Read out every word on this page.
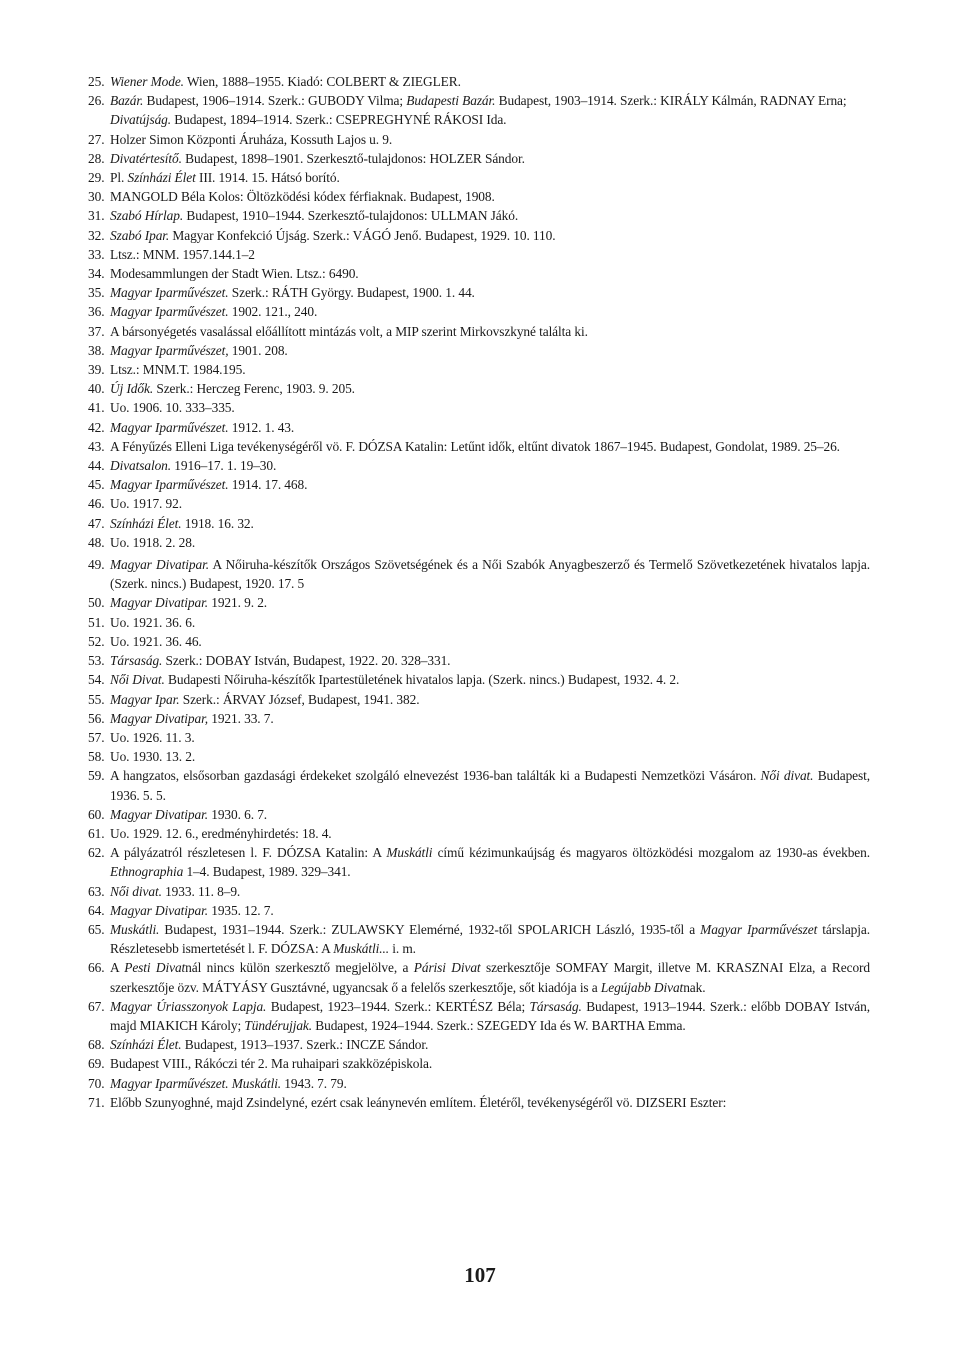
25. Wiener Mode. Wien, 1888–1955. Kiadó: COLBERT & ZIEGLER.
26. Bazár. Budapest, 1906–1914. Szerk.: GUBODY Vilma; Budapesti Bazár. Budapest, 1903–1914. Szerk.: KIRÁLY Kálmán, RADNAY Erna; Divatújság. Budapest, 1894–1914. Szerk.: CSEPREGHYNÉ RÁKOSI Ida.
27. Holzer Simon Központi Áruháza, Kossuth Lajos u. 9.
28. Divatértesítő. Budapest, 1898–1901. Szerkesztő-tulajdonos: HOLZER Sándor.
29. Pl. Színházi Élet III. 1914. 15. Hátsó borító.
30. MANGOLD Béla Kolos: Öltözködési kódex férfiaknak. Budapest, 1908.
31. Szabó Hírlap. Budapest, 1910–1944. Szerkesztő-tulajdonos: ULLMAN Jákó.
32. Szabó Ipar. Magyar Konfekció Újság. Szerk.: VÁGÓ Jenő. Budapest, 1929. 10. 110.
33. Ltsz.: MNM. 1957.144.1–2
34. Modesammlungen der Stadt Wien. Ltsz.: 6490.
35. Magyar Iparművészet. Szerk.: RÁTH György. Budapest, 1900. 1. 44.
36. Magyar Iparművészet. 1902. 121., 240.
37. A bársonyégetés vasalással előállított mintázás volt, a MIP szerint Mirkovszkyné találta ki.
38. Magyar Iparművészet, 1901. 208.
39. Ltsz.: MNM.T. 1984.195.
40. Új Idők. Szerk.: Herczeg Ferenc, 1903. 9. 205.
41. Uo. 1906. 10. 333–335.
42. Magyar Iparművészet. 1912. 1. 43.
43. A Fényűzés Elleni Liga tevékenységéről vö. F. DÓZSA Katalin: Letűnt idők, eltűnt divatok 1867–1945. Budapest, Gondolat, 1989. 25–26.
44. Divatsalon. 1916–17. 1. 19–30.
45. Magyar Iparművészet. 1914. 17. 468.
46. Uo. 1917. 92.
47. Színházi Élet. 1918. 16. 32.
48. Uo. 1918. 2. 28.
49. Magyar Divatipar. A Nőiruha-készítők Országos Szövetségének és a Női Szabók Anyagbeszerző és Termelő Szövetkezetének hivatalos lapja. (Szerk. nincs.) Budapest, 1920. 17. 5
50. Magyar Divatipar. 1921. 9. 2.
51. Uo. 1921. 36. 6.
52. Uo. 1921. 36. 46.
53. Társaság. Szerk.: DOBAY István, Budapest, 1922. 20. 328–331.
54. Női Divat. Budapesti Nőiruha-készítők Ipartestületének hivatalos lapja. (Szerk. nincs.) Budapest, 1932. 4. 2.
55. Magyar Ipar. Szerk.: ÁRVAY József, Budapest, 1941. 382.
56. Magyar Divatipar, 1921. 33. 7.
57. Uo. 1926. 11. 3.
58. Uo. 1930. 13. 2.
59. A hangzatos, elsősorban gazdasági érdekeket szolgáló elnevezést 1936-ban találták ki a Budapesti Nemzetközi Vásáron. Női divat. Budapest, 1936. 5. 5.
60. Magyar Divatipar. 1930. 6. 7.
61. Uo. 1929. 12. 6., eredményhirdetés: 18. 4.
62. A pályázatról részletesen l. F. DÓZSA Katalin: A Muskátli című kézimunkaújság és magyaros öltözködési mozgalom az 1930-as években. Ethnographia 1–4. Budapest, 1989. 329–341.
63. Női divat. 1933. 11. 8–9.
64. Magyar Divatipar. 1935. 12. 7.
65. Muskátli. Budapest, 1931–1944. Szerk.: ZULAWSKY Elemérné, 1932-től SPOLARICH László, 1935-től a Magyar Iparművészet társlapja. Részletesebb ismertetését l. F. DÓZSA: A Muskátli... i. m.
66. A Pesti Divatnál nincs külön szerkesztő megjelölve, a Párisi Divat szerkesztője SOMFAY Margit, illetve M. KRASZNAI Elza, a Record szerkesztője özv. MÁTYÁSY Gusztávné, ugyancsak ő a felelős szerkesztője, sőt kiadója is a Legújabb Divatnak.
67. Magyar Úriasszonyok Lapja. Budapest, 1923–1944. Szerk.: KERTÉSZ Béla; Társaság. Budapest, 1913–1944. Szerk.: előbb DOBAY István, majd MIAKICH Károly; Tündérujjak. Budapest, 1924–1944. Szerk.: SZEGEDY Ida és W. BARTHA Emma.
68. Színházi Élet. Budapest, 1913–1937. Szerk.: INCZE Sándor.
69. Budapest VIII., Rákóczi tér 2. Ma ruhaipari szakközépiskola.
70. Magyar Iparművészet. Muskátli. 1943. 7. 79.
71. Előbb Szunyoghné, majd Zsindelyné, ezért csak leánynevén említem. Életéről, tevékenységéről vö. DIZSERI Eszter:
107
